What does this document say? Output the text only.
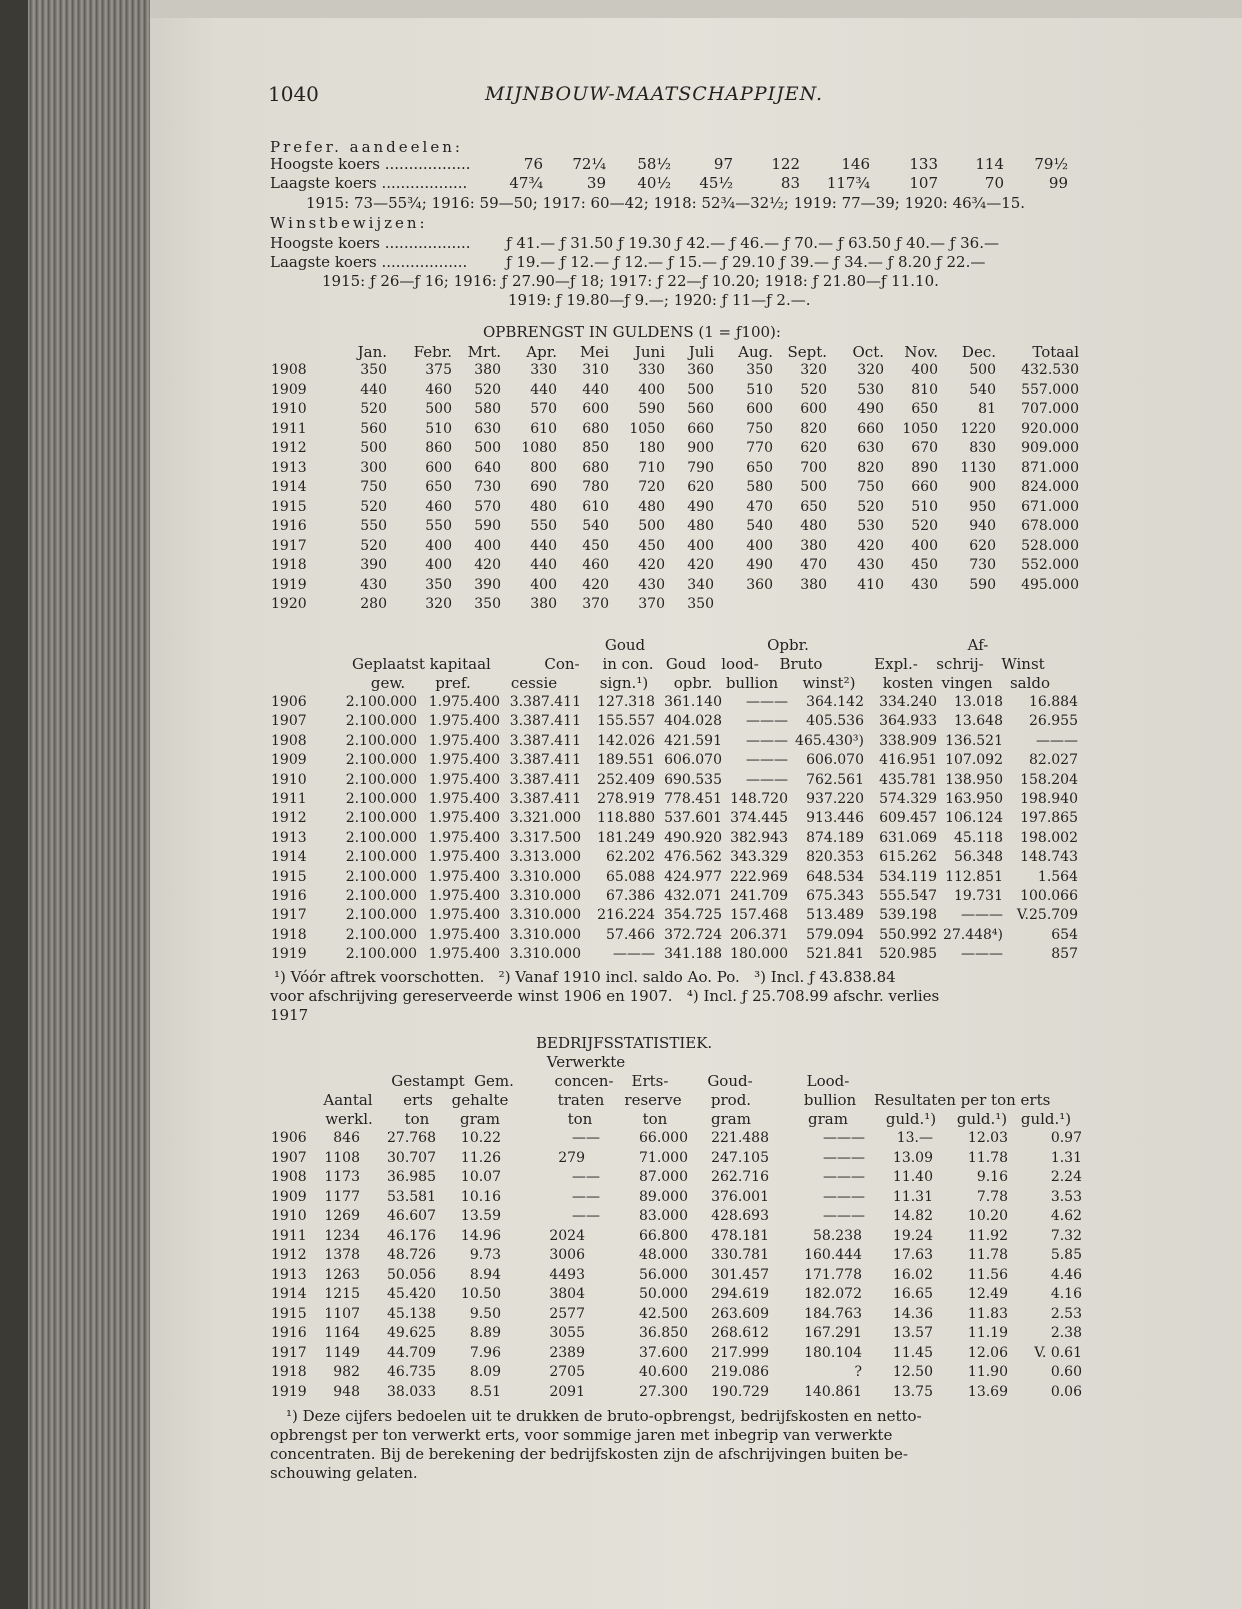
1040	MIJNBOUW-MAATSCHAPPIJEN.
Prefer. aandeelen:
Hoogste koers ..................	76	72¼	58½	97	122	146	133	114	79½
Laagste koers ..................	47¾	39	40½	45½	83	117¾	107	70	99
1915: 73—55¾; 1916: 59—50; 1917: 60—42; 1918: 52¾—32½; 1919: 77—39; 1920: 46¾—15.
Winstbewijzen:
Hoogste koers .................. ƒ 41.— ƒ 31.50 ƒ 19.30 ƒ 42.— ƒ 46.— ƒ 70.— ƒ 63.50 ƒ 40.— ƒ 36.—
Laagste koers ..................	ƒ 19.— ƒ 12.— ƒ 12.— ƒ 15.— ƒ 29.10 ƒ 39.— ƒ 34.— ƒ 8.20 ƒ 22.—
1915: ƒ 26—ƒ 16; 1916: ƒ 27.90—ƒ 18; 1917: ƒ 22—ƒ 10.20; 1918: ƒ 21.80—ƒ 11.10.
1919: ƒ 19.80—ƒ 9.—; 1920: ƒ 11—ƒ 2.—.
OPBRENGST IN GULDENS (1 = ƒ100):
Jan.	Febr.	Mrt.	Apr.	Mei	Juni	Juli	Aug. Sept.	Oct.	Nov.	Dec.	Totaal
1908	350	375	380	330	310	330	360	350	320	320	400	500	432.530
1909	440	460	520	440	440	400	500	510	520	530	810	540	557.000
1910	520	500	580	570	600	590	560	600	600	490	650	81	707.000
1911	560	510	630	610	680	1050	660	750	820	660	1050	1220	920.000
1912	500	860	500	1080	850	180	900	770	620	630	670	830	909.000
1913	300	600	640	800	680	710	790	650	700	820	890	1130	871.000
1914	750	650	730	690	780	720	620	580	500	750	660	900	824.000
1915	520	460	570	480	610	480	490	470	650	520	510	950	671.000
1916	550	550	590	550	540	500	480	540	480	530	520	940	678.000
1917	520	400	400	440	450	450	400	400	380	420	400	620	528.000
1918	390	400	420	440	460	420	420	490	470	430	450	730	552.000
1919	430	350	390	400	420	430	340	360	380	410	430	590	495.000
1920	280	320	350	380	370	370	350
Goud	Opbr.	Af-
Geplaatst kapitaal	Con-	in con. Goud	lood-	Bruto	Expl.-	schrij-	Winst
gew.	pref.	cessie	sign.¹)	opbr. bullion	winst²)	kosten vingen	saldo
1906	2.100.000 1.975.400 3.387.411	127.318 361.140	———	364.142	334.240	13.018	16.884
1907	2.100.000 1.975.400 3.387.411	155.557 404.028	———	405.536	364.933	13.648	26.955
1908	2.100.000 1.975.400 3.387.411	142.026 421.591	——— 465.430³)	338.909 136.521	———
1909	2.100.000 1.975.400 3.387.411	189.551 606.070	———	606.070	416.951 107.092	82.027
1910	2.100.000 1.975.400 3.387.411	252.409 690.535	———	762.561	435.781 138.950	158.204
1911	2.100.000 1.975.400 3.387.411	278.919 778.451 148.720	937.220	574.329 163.950	198.940
1912	2.100.000 1.975.400 3.321.000	118.880 537.601 374.445	913.446	609.457 106.124	197.865
1913	2.100.000 1.975.400 3.317.500	181.249 490.920 382.943	874.189	631.069	45.118	198.002
1914	2.100.000 1.975.400 3.313.000	62.202 476.562 343.329	820.353	615.262	56.348	148.743
1915	2.100.000 1.975.400 3.310.000	65.088 424.977 222.969	648.534	534.119 112.851	1.564
1916	2.100.000 1.975.400 3.310.000	67.386 432.071 241.709	675.343	555.547	19.731	100.066
1917	2.100.000 1.975.400 3.310.000	216.224 354.725 157.468	513.489	539.198	——— V.25.709
1918	2.100.000 1.975.400 3.310.000	57.466 372.724 206.371	579.094	550.992 27.448⁴)	654
1919	2.100.000 1.975.400 3.310.000	——— 341.188 180.000	521.841	520.985	———	857
¹) Vóór aftrek voorschotten.   ²) Vanaf 1910 incl. saldo Ao. Po.   ³) Incl. ƒ 43.838.84
voor afschrijving gereserveerde winst 1906 en 1907.   ⁴) Incl. ƒ 25.708.99 afschr. verlies
1917
BEDRIJFSSTATISTIEK.
Verwerkte
Gestampt Gem.	concen-	Erts-	Goud-	Lood-
Aantal	erts	gehalte	traten	reserve	prod.	bullion	Resultaten per ton erts
werkl.	ton	gram	ton	ton	gram	gram	guld.¹)	guld.¹) guld.¹)
1906	846	27.768	10.22	——	66.000	221.488	———	13.—	12.03	0.97
1907	1108	30.707	11.26	279	71.000	247.105	———	13.09	11.78	1.31
1908	1173	36.985	10.07	——	87.000	262.716	———	11.40	9.16	2.24
1909	1177	53.581	10.16	——	89.000	376.001	———	11.31	7.78	3.53
1910	1269	46.607	13.59	——	83.000	428.693	———	14.82	10.20	4.62
1911	1234	46.176	14.96	2024	66.800	478.181	58.238	19.24	11.92	7.32
1912	1378	48.726	9.73	3006	48.000	330.781	160.444	17.63	11.78	5.85
1913	1263	50.056	8.94	4493	56.000	301.457	171.778	16.02	11.56	4.46
1914	1215	45.420	10.50	3804	50.000	294.619	182.072	16.65	12.49	4.16
1915	1107	45.138	9.50	2577	42.500	263.609	184.763	14.36	11.83	2.53
1916	1164	49.625	8.89	3055	36.850	268.612	167.291	13.57	11.19	2.38
1917	1149	44.709	7.96	2389	37.600	217.999	180.104	11.45	12.06	V. 0.61
1918	982	46.735	8.09	2705	40.600	219.086	?	12.50	11.90	0.60
1919	948	38.033	8.51	2091	27.300	190.729	140.861	13.75	13.69	0.06
¹) Deze cijfers bedoelen uit te drukken de bruto-opbrengst, bedrijfskosten en netto-
opbrengst per ton verwerkt erts, voor sommige jaren met inbegrip van verwerkte
concentraten. Bij de berekening der bedrijfskosten zijn de afschrijvingen buiten be-
schouwing gelaten.
